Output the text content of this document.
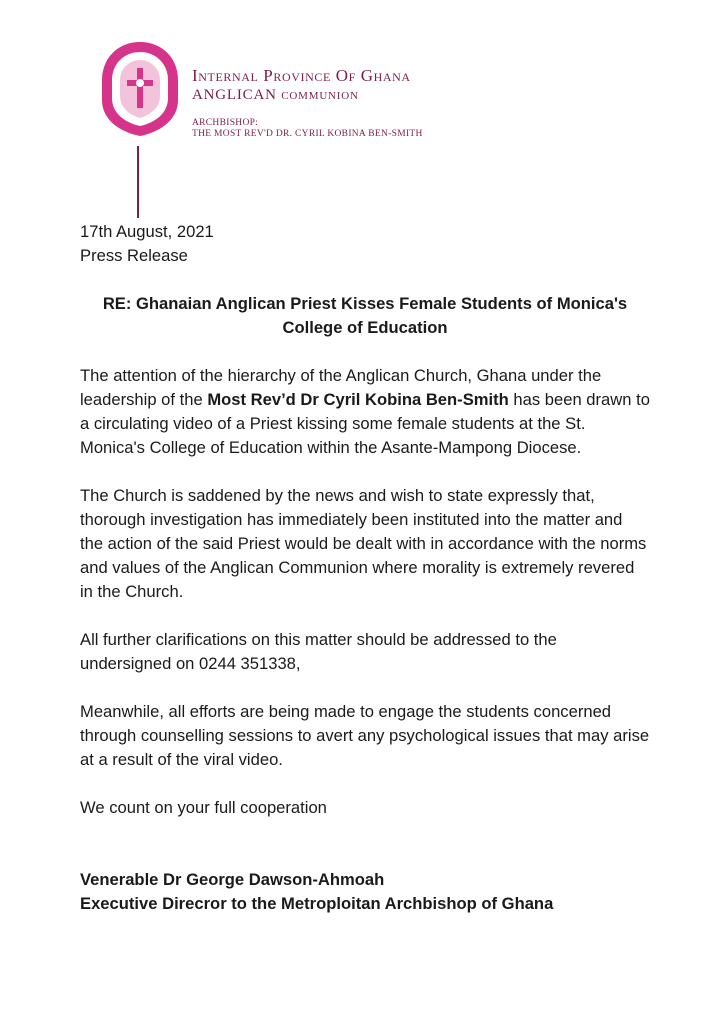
Internal Province Of Ghana
ANGLICAN communion
ARCHBISHOP:
THE MOST REV'D DR. CYRIL KOBINA BEN-SMITH

17th August, 2021

Press Release

RE: Ghanaian Anglican Priest Kisses Female Students of Monica's College of Education

The attention of the hierarchy of the Anglican Church, Ghana under the leadership of the Most Rev’d Dr Cyril Kobina Ben-Smith has been drawn to a circulating video of a Priest kissing some female students at the St. Monica's College of Education within the Asante-Mampong Diocese.

The Church is saddened by the news and wish to state expressly that, thorough investigation has immediately been instituted into the matter and the action of the said Priest would be dealt with in accordance with the norms and values of the Anglican Communion where morality is extremely revered in the Church.

All further clarifications on this matter should be addressed to the undersigned on 0244 351338,

Meanwhile, all efforts are being made to engage the students concerned through counselling sessions to avert any psychological issues that may arise at a result of the viral video.

We count on your full cooperation

Venerable Dr George Dawson-Ahmoah

Executive Direcror to the Metroploitan Archbishop of Ghana
